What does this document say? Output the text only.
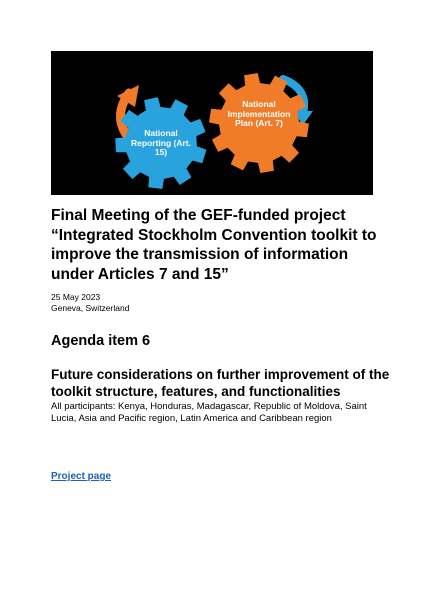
National Reporting (Art. 15)
National Implementation Plan (Art. 7)
Final Meeting of the GEF-funded project “Integrated Stockholm Convention toolkit to improve the transmission of information under Articles 7 and 15”
25 May 2023
Geneva, Switzerland
Agenda item 6
Future considerations on further improvement of the toolkit structure, features, and functionalities
All participants: Kenya, Honduras, Madagascar, Republic of Moldova, Saint Lucia, Asia and Pacific region, Latin America and Caribbean region
Project page
